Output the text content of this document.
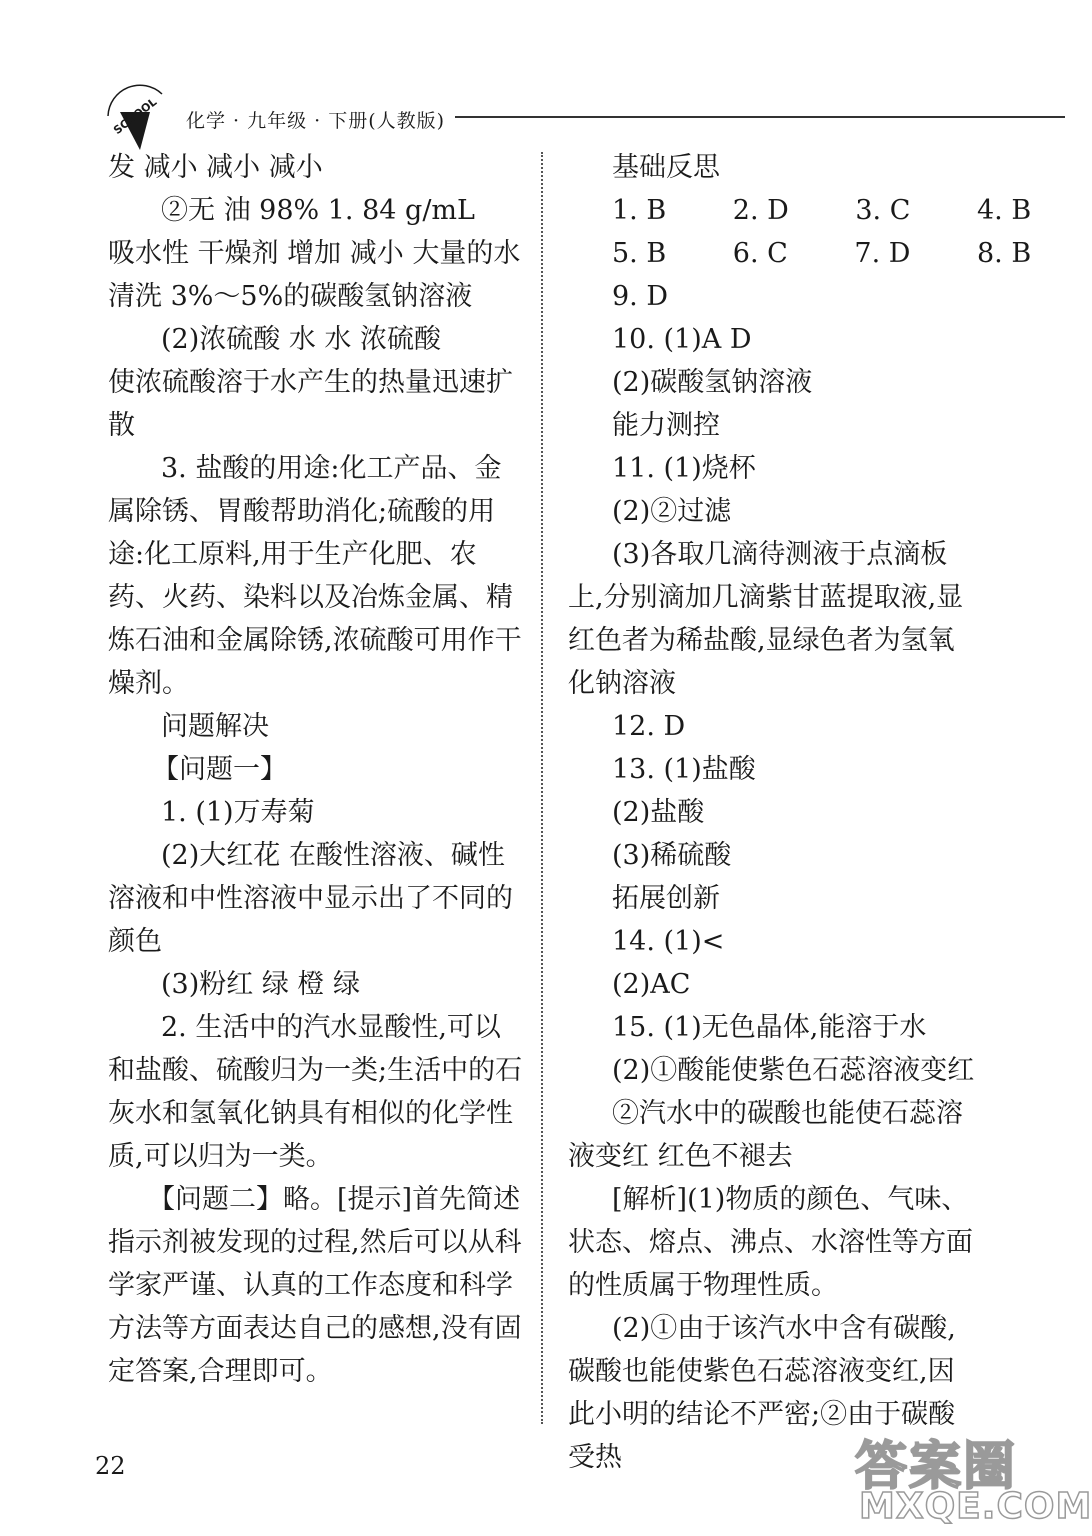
SCHOOL 化学 · 九年级 · 下册(人教版)

发 减小 减小 减小

②无 油 98% 1. 84 g/mL

吸水性 干燥剂 增加 减小 大量的水清洗 3%～5%的碳酸氢钠溶液

(2)浓硫酸 水 水 浓硫酸

使浓硫酸溶于水产生的热量迅速扩散

3. 盐酸的用途:化工产品、金属除锈、胃酸帮助消化;硫酸的用途:化工原料,用于生产化肥、农药、火药、染料以及冶炼金属、精炼石油和金属除锈,浓硫酸可用作干燥剂。

问题解决

【问题一】

1. (1)万寿菊

(2)大红花 在酸性溶液、碱性溶液和中性溶液中显示出了不同的颜色

(3)粉红 绿 橙 绿

2. 生活中的汽水显酸性,可以和盐酸、硫酸归为一类;生活中的石灰水和氢氧化钠具有相似的化学性质,可以归为一类。

【问题二】略。[提示]首先简述指示剂被发现的过程,然后可以从科学家严谨、认真的工作态度和科学方法等方面表达自己的感想,没有固定答案,合理即可。

基础反思

1. B 2. D 3. C 4. B

5. B 6. C 7. D 8. B

9. D

10. (1)A D

(2)碳酸氢钠溶液

能力测控

11. (1)烧杯

(2)②过滤

(3)各取几滴待测液于点滴板上,分别滴加几滴紫甘蓝提取液,显红色者为稀盐酸,显绿色者为氢氧化钠溶液

12. D

13. (1)盐酸

(2)盐酸

(3)稀硫酸

拓展创新

14. (1)<

(2)AC

15. (1)无色晶体,能溶于水

(2)①酸能使紫色石蕊溶液变红

②汽水中的碳酸也能使石蕊溶液变红 红色不褪去

[解析](1)物质的颜色、气味、状态、熔点、沸点、水溶性等方面的性质属于物理性质。

(2)①由于该汽水中含有碳酸,碳酸也能使紫色石蕊溶液变红,因此小明的结论不严密;②由于碳酸受热

22	答案圈
MXQE.COM
